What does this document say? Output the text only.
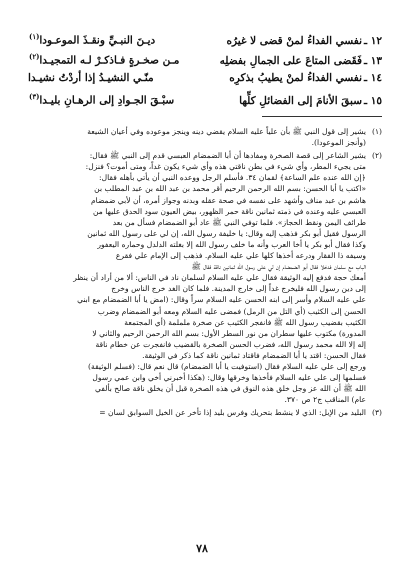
١٢ ـ
نفسي الفداءُ لمنْ قضى لا غيرُه
ديـنَ النبـيِّ ونقـذَ الموعـودا$^{(١)}$
١٣ ـ
فَقَضى المتاعَ على الجمالِ بفضلِه
مـن صخـرةٍ فـاذكـرْ لـه التمجيـدا$^{(٢)}$
١٤ ـ
نفسي الفداءُ لمنْ يطيبُ بذكرِه
منّـي النشيـدُ إذا أردْتُ نشيـدا
١٥ ـ
سبقَ الأنامَ إلى الفضائلِ كلِّها
سبْـقَ الجـوادِ إلى الرهـانِ بليـدا$^{(٣)}$
(١)
يشير إلى قول النبي ﷺ بأن علياً عليه السلام يقضي دينه وينجز موعوده وفي أعيان الشيعة
(وأنجز الموعودا).
(٢)
يشير الشاعر إلى قصة الصخرة ومفادها أن أبا الضمضام العبسي قدم إلى النبي ﷺ فقال:
متى يجيء المطر، وأي شيء في بطن ناقتي هذه وأي شيء يكون غداً، ومتى أموت؟ فنزل:
﴿إن الله عنده علم الساعة﴾ لقمان ٣٤. فأسلم الرجل ووعده النبي أن يأتي بأهله فقال:
«اكتب يا أبا الحسن: بسم الله الرحمن الرحيم أقر محمد بن عبد الله بن عبد المطلب بن
هاشم بن عبد مناف وأشهد على نفسه في صحة عقله وبدنه وجواز أمره، أن لأبي ضمضام
العبسي عليه وعنده في ذمته ثمانين ناقة حمر الظهور، بيض العيون سود الحدق عليها من
طرائف اليمن ونقط الحجاز». فلما توفي النبي ﷺ عاد أبو الضمضام فسأل من بعد
الرسول فقيل أبو بكر فذهب إليه وقال: يا خليفة رسول الله، إن لي على رسول الله ثمانين
وكذا فقال أبو بكر يا أخا العرب وأنه ما خلف رسول الله إلا بغلته الدلدل وحماره اليعفور
وسيفه ذا الفقار ودرعه أخذها كلها علي عليه السلام. فذهب إلى الإمام علي فقرع
الباب مع سلمان فدخلا فقال أبو الضمضام إن لي على رسول الله ثمانين ناقة فقال ﷺ
أمعك حجة فدفع إليه الوثيقة فقال علي عليه السلام لسلمان ناد في الناس: ألا من أراد أن ينظر
إلى دين رسول الله فليخرج غداً إلى خارج المدينة. فلما كان الغد خرج الناس وخرج
علي عليه السلام وأسر إلى ابنه الحسن عليه السلام سراً وقال: (امض يا أبا الضمضام مع ابني
الحسن إلى الكثيب (أي التل من الرمل) فمضى عليه السلام ومعه أبو الضمضام وضرب
الكثيب بقضيب رسول الله ﷺ فانفجر الكثيب عن صخرة ململمة (أي المجتمعة
المدورة) مكتوب عليها سطران من نور السطر الأول: بسم الله الرحمن الرحيم والثاني لا
إله إلا الله محمد رسول الله، فضرب الحسن الصخرة بالقضيب فانفجرت عن خطام ناقة
فقال الحسن: اقتد يا أبا الضمضام فاقتاد ثمانين ناقة كما ذكر في الوثيقة.
ورجع إلى علي عليه السلام فقال (استوفيت يا أبا الضمضام) قال نعم قال: (فسلم الوثيقة)
فسلمها إلى علي عليه السلام فأخذها وخرقها وقال: (هكذا أخبرني أخي وابن عمي رسول
الله ﷺ أن الله عز وجل خلق هذه النوق في هذه الصخرة قبل أن يخلق ناقة صالح بألفي
عام) المناقب ج٢ ص ٣٧٠.
(٣)
البليد من الإبل: الذي لا ينشط بتحريك وفرس بليد إذا تأخر عن الخيل السوابق لسان =
٧٨
